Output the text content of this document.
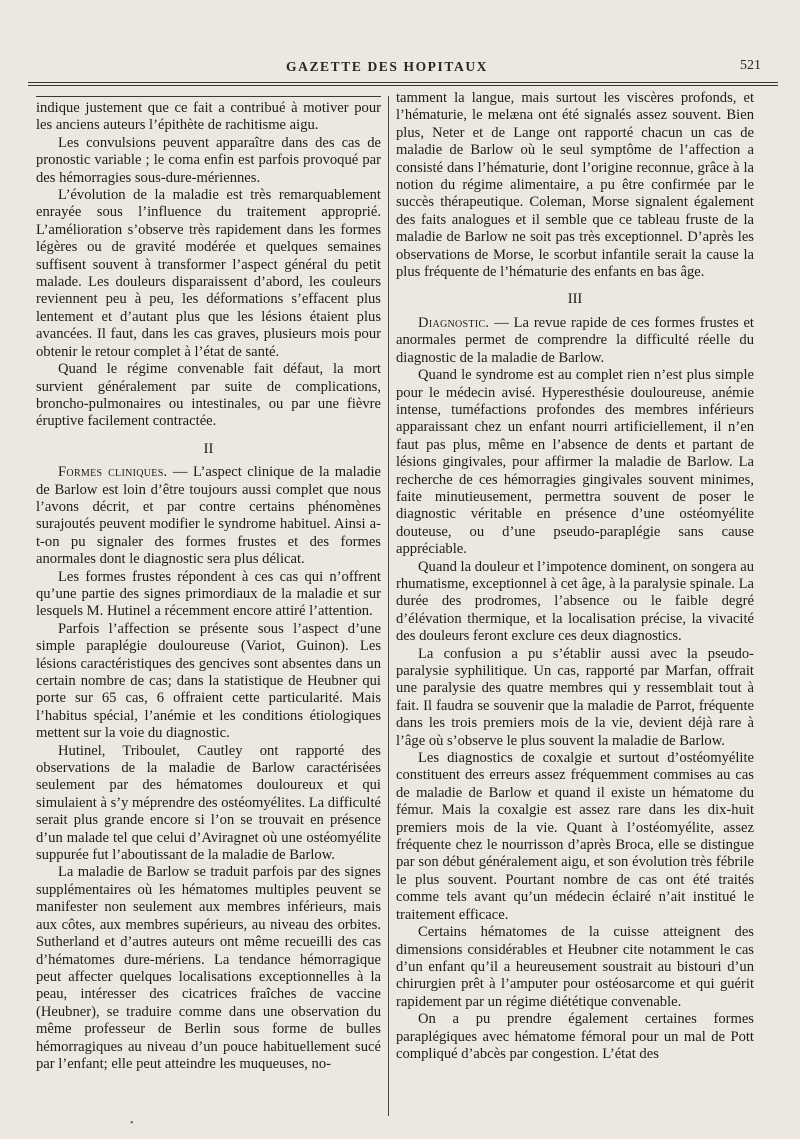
GAZETTE DES HOPITAUX	521

indique justement que ce fait a contribué à motiver pour les anciens auteurs l’épithète de rachitisme aigu.

Les convulsions peuvent apparaître dans des cas de pronostic variable ; le coma enfin est parfois provoqué par des hémorragies sous-dure-mériennes.

L’évolution de la maladie est très remarquablement enrayée sous l’influence du traitement approprié. L’amélioration s’observe très rapidement dans les formes légères ou de gravité modérée et quelques semaines suffisent souvent à transformer l’aspect général du petit malade. Les douleurs disparaissent d’abord, les couleurs reviennent peu à peu, les déformations s’effacent plus lentement et d’autant plus que les lésions étaient plus avancées. Il faut, dans les cas graves, plusieurs mois pour obtenir le retour complet à l’état de santé.

Quand le régime convenable fait défaut, la mort survient généralement par suite de complications, broncho-pulmonaires ou intestinales, ou par une fièvre éruptive facilement contractée.

II

Formes cliniques. — L’aspect clinique de la maladie de Barlow est loin d’être toujours aussi complet que nous l’avons décrit, et par contre certains phénomènes surajoutés peuvent modifier le syndrome habituel. Ainsi a-t-on pu signaler des formes frustes et des formes anormales dont le diagnostic sera plus délicat.

Les formes frustes répondent à ces cas qui n’offrent qu’une partie des signes primordiaux de la maladie et sur lesquels M. Hutinel a récemment encore attiré l’attention.

Parfois l’affection se présente sous l’aspect d’une simple paraplégie douloureuse (Variot, Guinon). Les lésions caractéristiques des gencives sont absentes dans un certain nombre de cas; dans la statistique de Heubner qui porte sur 65 cas, 6 offraient cette particularité. Mais l’habitus spécial, l’anémie et les conditions étiologiques mettent sur la voie du diagnostic.

Hutinel, Triboulet, Cautley ont rapporté des observations de la maladie de Barlow caractérisées seulement par des hématomes douloureux et qui simulaient à s’y méprendre des ostéomyélites. La difficulté serait plus grande encore si l’on se trouvait en présence d’un malade tel que celui d’Aviragnet où une ostéomyélite suppurée fut l’aboutissant de la maladie de Barlow.

La maladie de Barlow se traduit parfois par des signes supplémentaires où les hématomes multiples peuvent se manifester non seulement aux membres inférieurs, mais aux côtes, aux membres supérieurs, au niveau des orbites. Sutherland et d’autres auteurs ont même recueilli des cas d’hématomes dure-mériens. La tendance hémorragique peut affecter quelques localisations exceptionnelles à la peau, intéresser des cicatrices fraîches de vaccine (Heubner), se traduire comme dans une observation du même professeur de Berlin sous forme de bulles hémorragiques au niveau d’un pouce habituellement sucé par l’enfant; elle peut atteindre les muqueuses, no-

tamment la langue, mais surtout les viscères profonds, et l’hématurie, le melæna ont été signalés assez souvent. Bien plus, Neter et de Lange ont rapporté chacun un cas de maladie de Barlow où le seul symptôme de l’affection a consisté dans l’hématurie, dont l’origine reconnue, grâce à la notion du régime alimentaire, a pu être confirmée par le succès thérapeutique. Coleman, Morse signalent également des faits analogues et il semble que ce tableau fruste de la maladie de Barlow ne soit pas très exceptionnel. D’après les observations de Morse, le scorbut infantile serait la cause la plus fréquente de l’hématurie des enfants en bas âge.

III

Diagnostic. — La revue rapide de ces formes frustes et anormales permet de comprendre la difficulté réelle du diagnostic de la maladie de Barlow.

Quand le syndrome est au complet rien n’est plus simple pour le médecin avisé. Hyperesthésie douloureuse, anémie intense, tuméfactions profondes des membres inférieurs apparaissant chez un enfant nourri artificiellement, il n’en faut pas plus, même en l’absence de dents et partant de lésions gingivales, pour affirmer la maladie de Barlow. La recherche de ces hémorragies gingivales souvent minimes, faite minutieusement, permettra souvent de poser le diagnostic véritable en présence d’une ostéomyélite douteuse, ou d’une pseudo-paraplégie sans cause appréciable.

Quand la douleur et l’impotence dominent, on songera au rhumatisme, exceptionnel à cet âge, à la paralysie spinale. La durée des prodromes, l’absence ou le faible degré d’élévation thermique, et la localisation précise, la vivacité des douleurs feront exclure ces deux diagnostics.

La confusion a pu s’établir aussi avec la pseudo-paralysie syphilitique. Un cas, rapporté par Marfan, offrait une paralysie des quatre membres qui y ressemblait tout à fait. Il faudra se souvenir que la maladie de Parrot, fréquente dans les trois premiers mois de la vie, devient déjà rare à l’âge où s’observe le plus souvent la maladie de Barlow.

Les diagnostics de coxalgie et surtout d’ostéomyélite constituent des erreurs assez fréquemment commises au cas de maladie de Barlow et quand il existe un hématome du fémur. Mais la coxalgie est assez rare dans les dix-huit premiers mois de la vie. Quant à l’ostéomyélite, assez fréquente chez le nourrisson d’après Broca, elle se distingue par son début généralement aigu, et son évolution très fébrile le plus souvent. Pourtant nombre de cas ont été traités comme tels avant qu’un médecin éclairé n’ait institué le traitement efficace.

Certains hématomes de la cuisse atteignent des dimensions considérables et Heubner cite notamment le cas d’un enfant qu’il a heureusement soustrait au bistouri d’un chirurgien prêt à l’amputer pour ostéosarcome et qui guérit rapidement par un régime diététique convenable.

On a pu prendre également certaines formes paraplégiques avec hématome fémoral pour un mal de Pott compliqué d’abcès par congestion. L’état des

•
